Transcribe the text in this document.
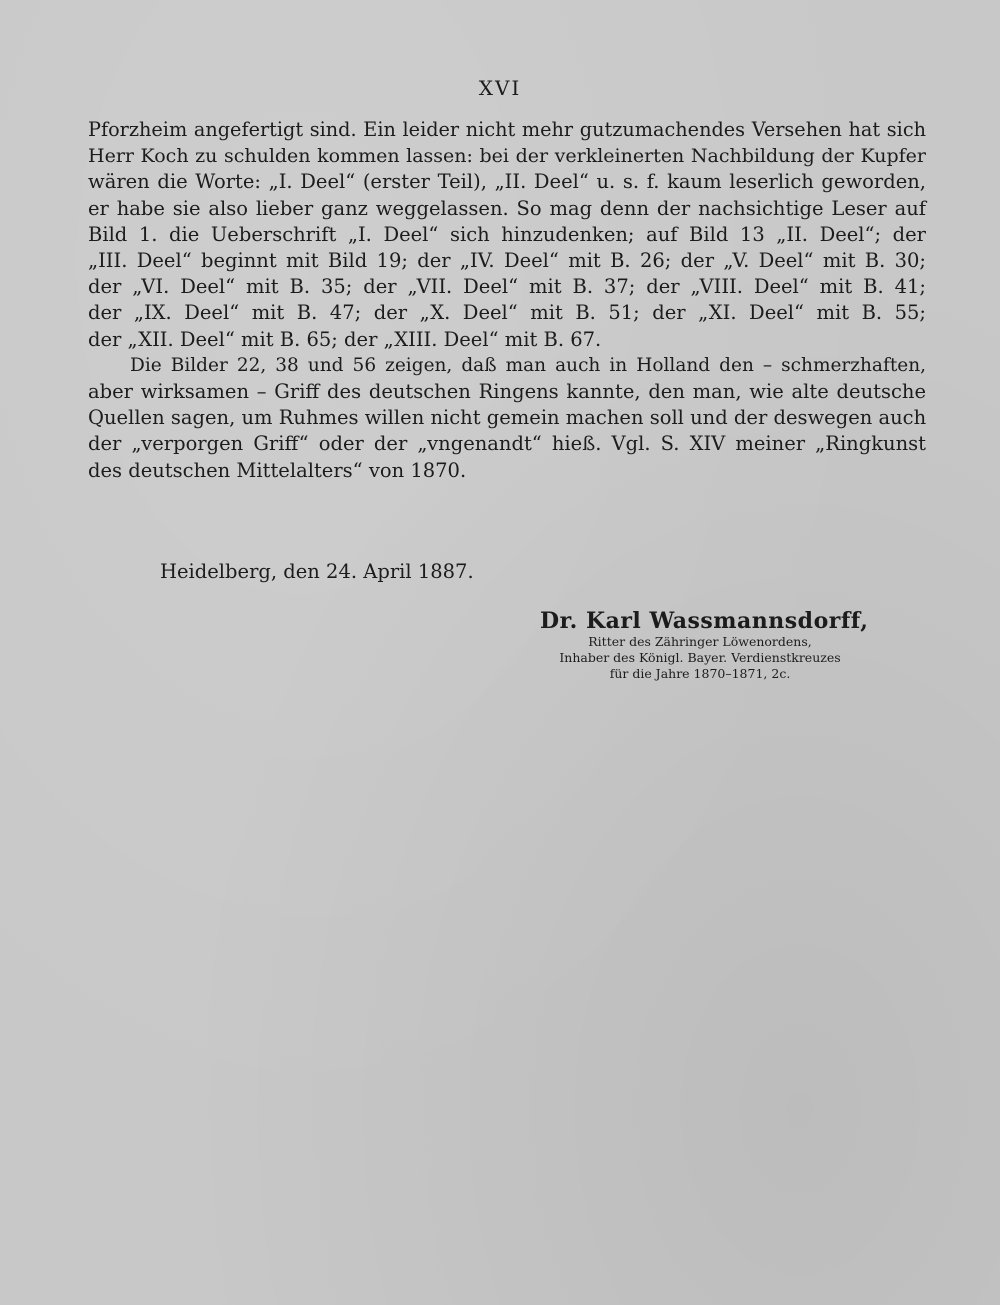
XVI

Pforzheim angefertigt sind. Ein leider nicht mehr gutzumachendes Versehen hat sich
Herr Koch zu schulden kommen lassen: bei der verkleinerten Nachbildung der Kupfer
wären die Worte: „I. Deel“ (erster Teil), „II. Deel“ u. s. f. kaum leserlich geworden,
er habe sie also lieber ganz weggelassen. So mag denn der nachsichtige Leser auf
Bild 1. die Ueberschrift „I. Deel“ sich hinzudenken; auf Bild 13 „II. Deel“; der
„III. Deel“ beginnt mit Bild 19; der „IV. Deel“ mit B. 26; der „V. Deel“ mit B. 30;
der „VI. Deel“ mit B. 35; der „VII. Deel“ mit B. 37; der „VIII. Deel“ mit B. 41;
der „IX. Deel“ mit B. 47; der „X. Deel“ mit B. 51; der „XI. Deel“ mit B. 55;
der „XII. Deel“ mit B. 65; der „XIII. Deel“ mit B. 67.

Die Bilder 22, 38 und 56 zeigen, daß man auch in Holland den – schmerzhaften,
aber wirksamen – Griff des deutschen Ringens kannte, den man, wie alte deutsche
Quellen sagen, um Ruhmes willen nicht gemein machen soll und der deswegen auch
der „verporgen Griff“ oder der „vngenandt“ hieß. Vgl. S. XIV meiner „Ringkunst
des deutschen Mittelalters“ von 1870.

Heidelberg, den 24. April 1887.
Dr. Karl Wassmannsdorff,
Ritter des Zähringer Löwenordens,
Inhaber des Königl. Bayer. Verdienstkreuzes
für die Jahre 1870–1871, 2c.
